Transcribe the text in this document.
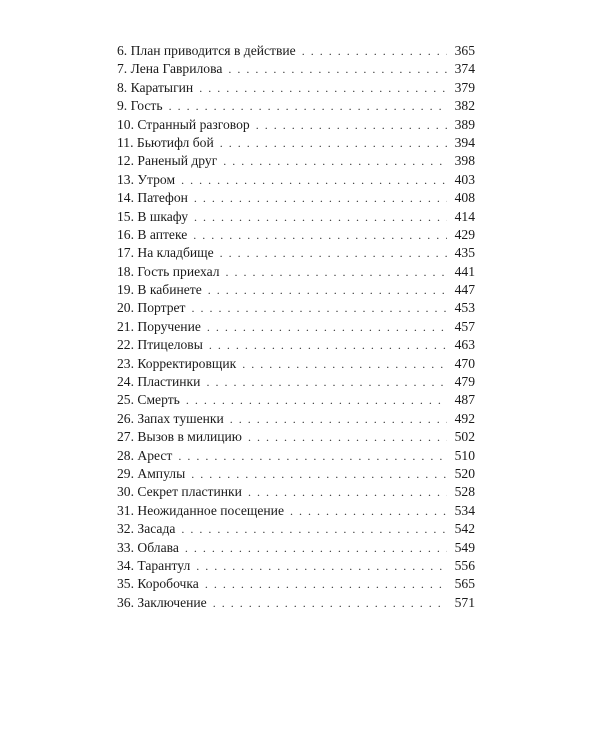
6. План приводится в действие . . .	365
7. Лена Гаврилова . . .	374
8. Каратыгин . . .	379
9. Гость . . .	382
10. Странный разговор . . .	389
11. Бьютифл бой . . .	394
12. Раненый друг . . .	398
13. Утром . . .	403
14. Патефон . . .	408
15. В шкафу . . .	414
16. В аптеке . . .	429
17. На кладбище . . .	435
18. Гость приехал . . .	441
19. В кабинете . . .	447
20. Портрет . . .	453
21. Поручение . . .	457
22. Птицеловы . . .	463
23. Корректировщик . . .	470
24. Пластинки . . .	479
25. Смерть . . .	487
26. Запах тушенки . . .	492
27. Вызов в милицию . . .	502
28. Арест . . .	510
29. Ампулы . . .	520
30. Секрет пластинки . . .	528
31. Неожиданное посещение . . .	534
32. Засада . . .	542
33. Облава . . .	549
34. Тарантул . . .	556
35. Коробочка . . .	565
36. Заключение . . .	571
